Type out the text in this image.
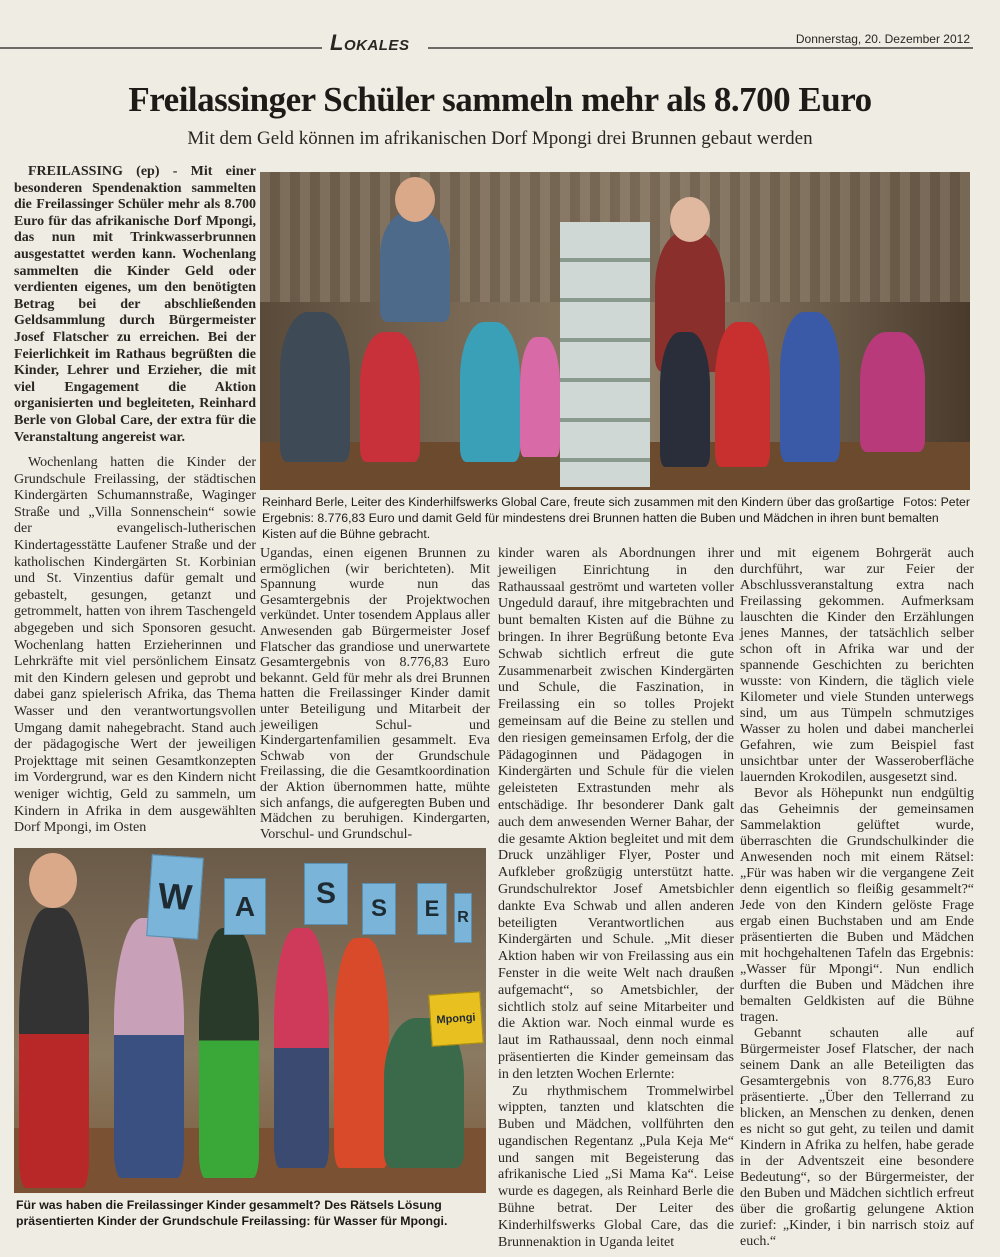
Lokales	Donnerstag, 20. Dezember 2012
Freilassinger Schüler sammeln mehr als 8.700 Euro
Mit dem Geld können im afrikanischen Dorf Mpongi drei Brunnen gebaut werden

FREILASSING (ep) - Mit einer besonderen Spendenaktion sammelten die Freilassinger Schüler mehr als 8.700 Euro für das afrikanische Dorf Mpongi, das nun mit Trinkwasserbrunnen ausgestattet werden kann. Wochenlang sammelten die Kinder Geld oder verdienten eigenes, um den benötigten Betrag bei der abschließenden Geldsammlung durch Bürgermeister Josef Flatscher zu erreichen. Bei der Feierlichkeit im Rathaus begrüßten die Kinder, Lehrer und Erzieher, die mit viel Engagement die Aktion organisierten und begleiteten, Reinhard Berle von Global Care, der extra für die Veranstaltung angereist war.

Wochenlang hatten die Kinder der Grundschule Freilassing, der städtischen Kindergärten Schumannstraße, Waginger Straße und „Villa Sonnenschein“ sowie der evangelisch-lutherischen Kindertagesstätte Laufener Straße und der katholischen Kindergärten St. Korbinian und St. Vinzentius dafür gemalt und gebastelt, gesungen, getanzt und getrommelt, hatten von ihrem Taschengeld abgegeben und sich Sponsoren gesucht. Wochenlang hatten Erzieherinnen und Lehrkräfte mit viel persönlichem Einsatz mit den Kindern gelesen und geprobt und dabei ganz spielerisch Afrika, das Thema Wasser und den verantwortungsvollen Umgang damit nahegebracht. Stand auch der pädagogische Wert der jeweiligen Projekttage mit seinen Gesamtkonzepten im Vordergrund, war es den Kindern nicht weniger wichtig, Geld zu sammeln, um Kindern in Afrika in dem ausgewählten Dorf Mpongi, im Osten

Fotos: Peter
Reinhard Berle, Leiter des Kinderhilfswerks Global Care, freute sich zusammen mit den Kindern über das großartige Ergebnis: 8.776,83 Euro und damit Geld für mindestens drei Brunnen hatten die Buben und Mädchen in ihren bunt bemalten Kisten auf die Bühne gebracht.

Ugandas, einen eigenen Brunnen zu ermöglichen (wir berichteten). Mit Spannung wurde nun das Gesamtergebnis der Projektwochen verkündet. Unter tosendem Applaus aller Anwesenden gab Bürgermeister Josef Flatscher das grandiose und unerwartete Gesamtergebnis von 8.776,83 Euro bekannt. Geld für mehr als drei Brunnen hatten die Freilassinger Kinder damit unter Beteiligung und Mitarbeit der jeweiligen Schul- und Kindergartenfamilien gesammelt. Eva Schwab von der Grundschule Freilassing, die die Gesamtkoordination der Aktion übernommen hatte, mühte sich anfangs, die aufgeregten Buben und Mädchen zu beruhigen. Kindergarten, Vorschul- und Grundschul-

kinder waren als Abordnungen ihrer jeweiligen Einrichtung in den Rathaussaal geströmt und warteten voller Ungeduld darauf, ihre mitgebrachten und bunt bemalten Kisten auf die Bühne zu bringen. In ihrer Begrüßung betonte Eva Schwab sichtlich erfreut die gute Zusammenarbeit zwischen Kindergärten und Schule, die Faszination, in Freilassing ein so tolles Projekt gemeinsam auf die Beine zu stellen und den riesigen gemeinsamen Erfolg, der die Pädagoginnen und Pädagogen in Kindergärten und Schule für die vielen geleisteten Extrastunden mehr als entschädige. Ihr besonderer Dank galt auch dem anwesenden Werner Bahar, der die gesamte Aktion begleitet und mit dem Druck unzähliger Flyer, Poster und Aufkleber großzügig unterstützt hatte. Grundschulrektor Josef Ametsbichler dankte Eva Schwab und allen anderen beteiligten Verantwortlichen aus Kindergärten und Schule. „Mit dieser Aktion haben wir von Freilassing aus ein Fenster in die weite Welt nach draußen aufgemacht“, so Ametsbichler, der sichtlich stolz auf seine Mitarbeiter und die Aktion war. Noch einmal wurde es laut im Rathaussaal, denn noch einmal präsentierten die Kinder gemeinsam das in den letzten Wochen Erlernte:

Zu rhythmischem Trommelwirbel wippten, tanzten und klatschten die Buben und Mädchen, vollführten den ugandischen Regentanz „Pula Keja Me“ und sangen mit Begeisterung das afrikanische Lied „Si Mama Ka“. Leise wurde es dagegen, als Reinhard Berle die Bühne betrat. Der Leiter des Kinderhilfswerks Global Care, das die Brunnenaktion in Uganda leitet

und mit eigenem Bohrgerät auch durchführt, war zur Feier der Abschlussveranstaltung extra nach Freilassing gekommen. Aufmerksam lauschten die Kinder den Erzählungen jenes Mannes, der tatsächlich selber schon oft in Afrika war und der spannende Geschichten zu berichten wusste: von Kindern, die täglich viele Kilometer und viele Stunden unterwegs sind, um aus Tümpeln schmutziges Wasser zu holen und dabei mancherlei Gefahren, wie zum Beispiel fast unsichtbar unter der Wasseroberfläche lauernden Krokodilen, ausgesetzt sind.

Bevor als Höhepunkt nun endgültig das Geheimnis der gemeinsamen Sammelaktion gelüftet wurde, überraschten die Grundschulkinder die Anwesenden noch mit einem Rätsel: „Für was haben wir die vergangene Zeit denn eigentlich so fleißig gesammelt?“ Jede von den Kindern gelöste Frage ergab einen Buchstaben und am Ende präsentierten die Buben und Mädchen mit hochgehaltenen Tafeln das Ergebnis: „Wasser für Mpongi“. Nun endlich durften die Buben und Mädchen ihre bemalten Geldkisten auf die Bühne tragen.

Gebannt schauten alle auf Bürgermeister Josef Flatscher, der nach seinem Dank an alle Beteiligten das Gesamtergebnis von 8.776,83 Euro präsentierte. „Über den Tellerrand zu blicken, an Menschen zu denken, denen es nicht so gut geht, zu teilen und damit Kindern in Afrika zu helfen, habe gerade in der Adventszeit eine besondere Bedeutung“, so der Bürgermeister, der den Buben und Mädchen sichtlich erfreut über die großartig gelungene Aktion zurief: „Kinder, i bin narrisch stoiz auf euch.“

W	A	S	S	E	R
Mpongi
Für was haben die Freilassinger Kinder gesammelt? Des Rätsels Lösung präsentierten Kinder der Grundschule Freilassing: für Wasser für Mpongi.
